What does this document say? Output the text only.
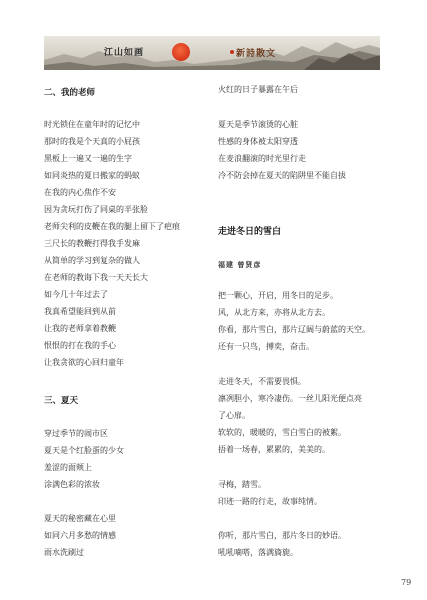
江山如画	新詩散文
二、我的老师
时光锁住在童年时的记忆中
那时的我是个天真的小屁孩
黑板上一遍又一遍的生字
如同炎热的夏日搬家的蚂蚁
在我的内心焦作不安
因为贪玩打伤了同桌的半张脸
老师尖利的皮鞭在我的腿上留下了疤痕
三尺长的教鞭打得我手发麻
从简单的学习到复杂的做人
在老师的教诲下我一天天长大
如今几十年过去了
我真希望能回到从前
让我的老师拿着教鞭
恨恨的打在我的手心
让我贪欲的心回归童年
三、夏天
穿过季节的闹市区
夏天是个红脸蛋的少女
羞涩的面颊上
涂满色彩的浓妆
夏天的秘密藏在心里
如同六月多愁的情感
雨水洗刷过
火红的日子暴露在午后
夏天是季节滚烫的心脏
性感的身体被太阳穿透
在麦浪翻滚的时光里行走
冷不防会掉在夏天的陷阱里不能自拔
走进冬日的雪白
福建 曾贤彦
把一颗心，开启，用冬日的足步。
风，从北方来，亦将从北方去。
你看，那片雪白，那片辽阔与蔚蓝的天空。
还有一只鸟，搏奕，奋击。
走进冬天，不需要畏惧。
凛冽胆小，寒冷凄伤。一丝儿阳光便点亮
了心扉。
软软的，暖暖的，雪白雪白的被絮。
捂着一场春，累累的，美美的。
寻梅，踏雪。
印迹一路的行走，故事纯情。
你听，那片雪白，那片冬日的妙语。
吼吼嘀嗒，落满旖旎。
79
